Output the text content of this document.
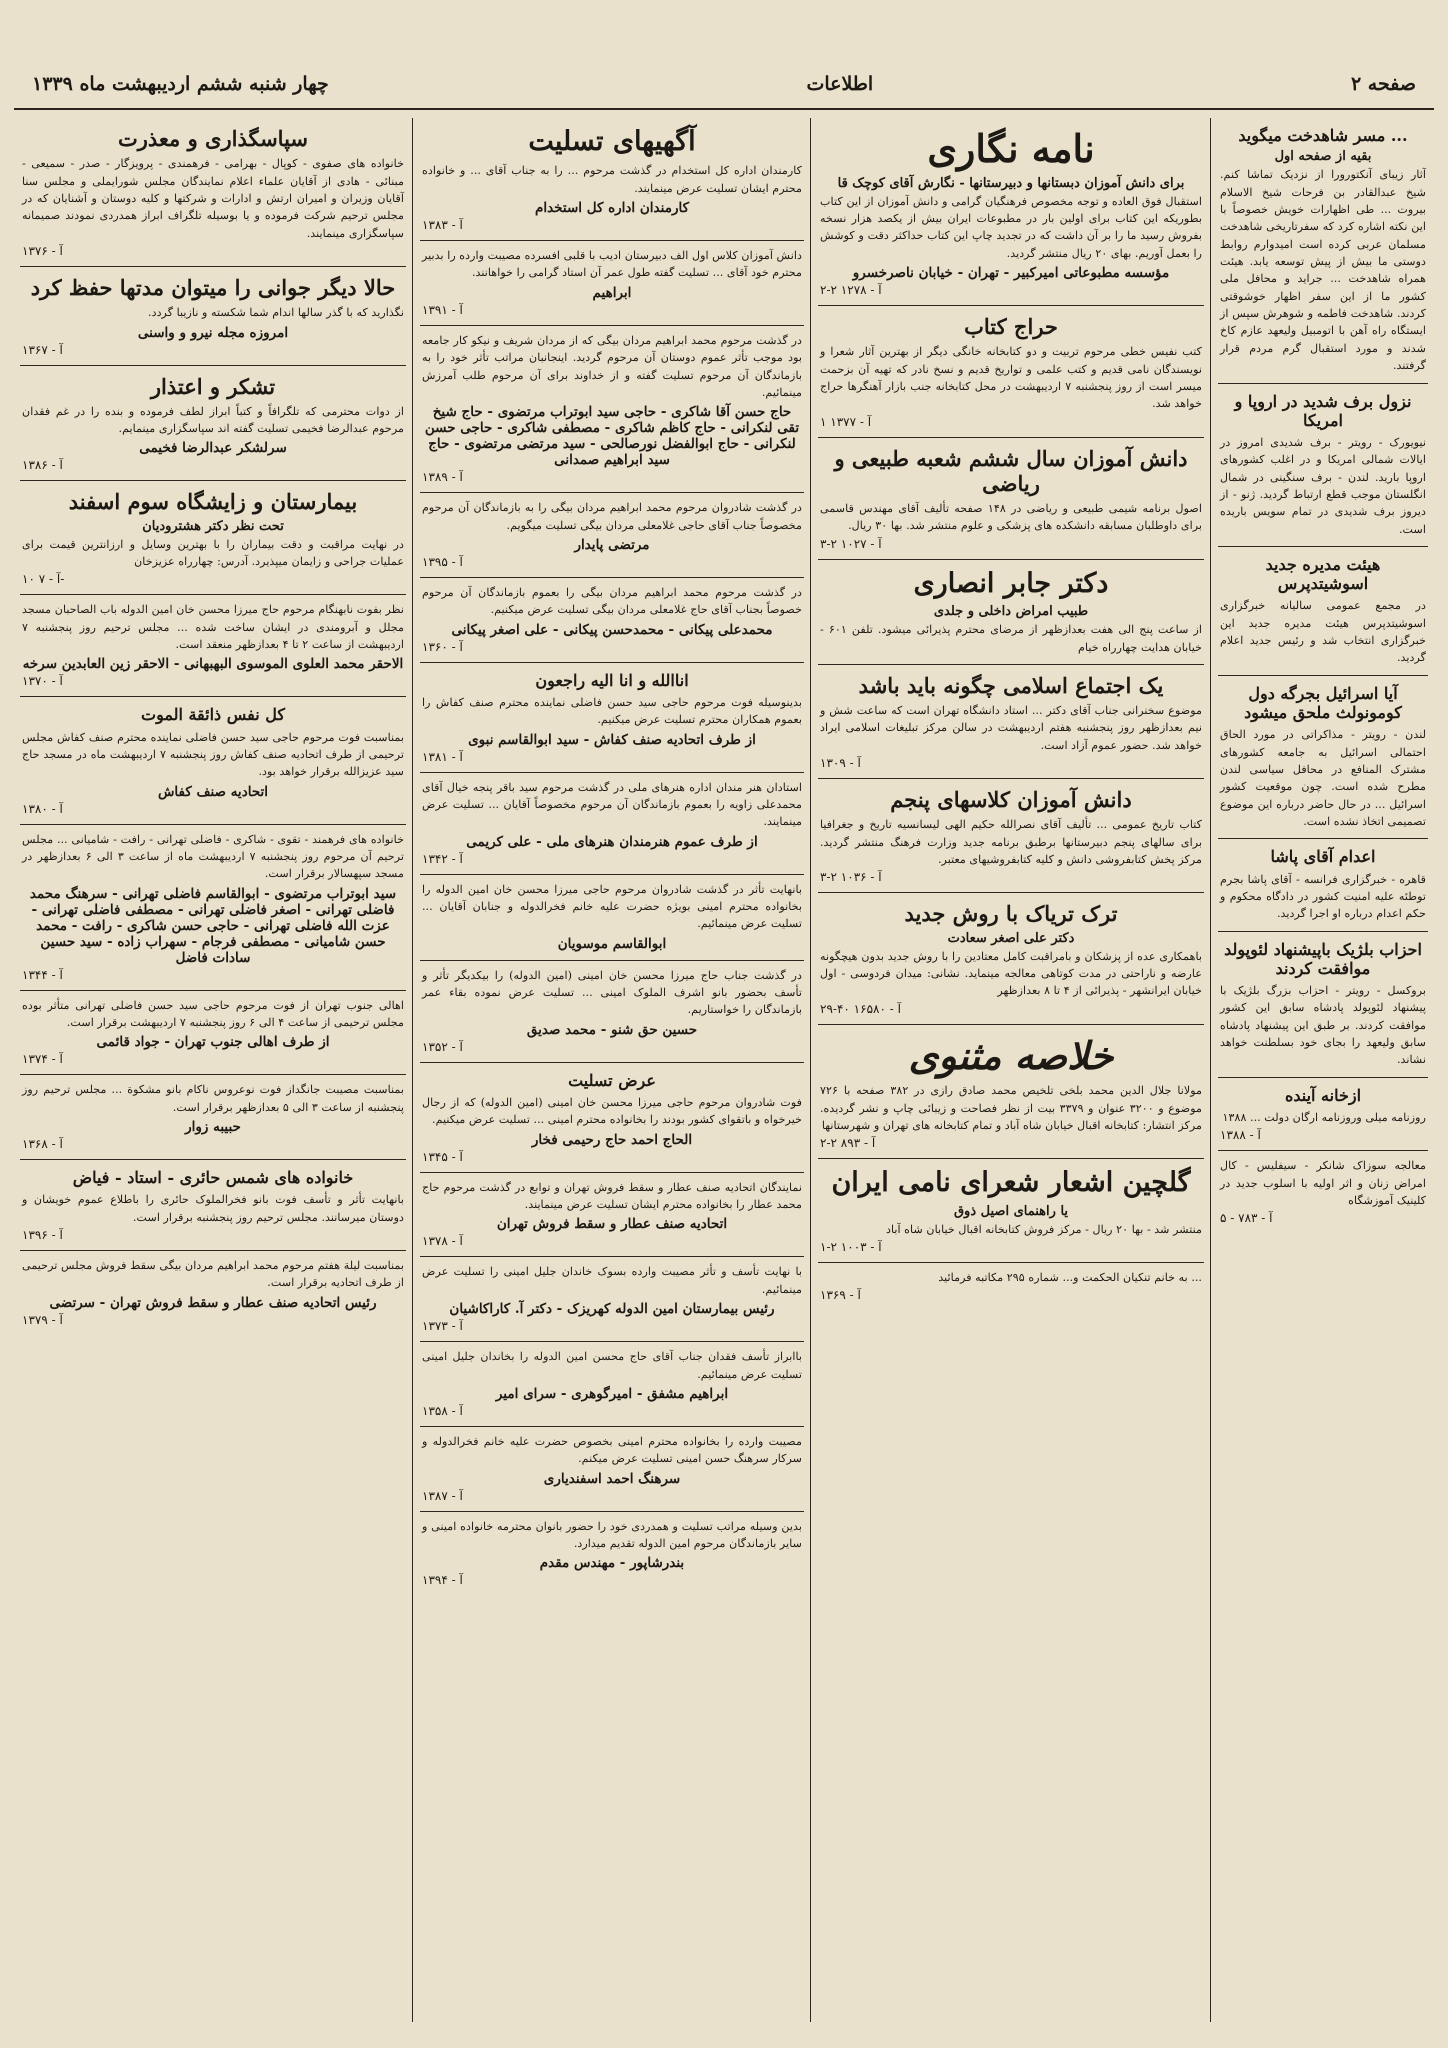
صفحه ۲
اطلاعات
چهار شنبه ششم اردیبهشت ماه ۱۳۳۹
... مسر شاهدخت میگوید
بقیه از صفحه اول
آثار زیبای آنکتورورا از نزدیک تماشا کنم. شیخ عبدالقادر بن فرحات شیخ الاسلام بیروت ... طی اظهارات خویش خصوصاً با این نکته اشاره کرد که سفرتاریخی شاهدخت مسلمان عربی کرده است امیدوارم روابط دوستی ما بیش از پیش توسعه یابد. هیئت همراه شاهدخت ... جراید و محافل ملی کشور ما از این سفر اظهار خوشوقتی کردند. شاهدخت فاطمه و شوهرش سپس از ایستگاه راه آهن با اتومبیل ولیعهد عازم کاخ شدند و مورد استقبال گرم مردم قرار گرفتند.
نزول برف شدید در اروپا و امریکا
نیویورک - رویتر - برف شدیدی امروز در ایالات شمالی امریکا و در اغلب کشورهای اروپا بارید. لندن - برف سنگینی در شمال انگلستان موجب قطع ارتباط گردید. ژنو - از دیروز برف شدیدی در تمام سویس باریده است.
هیئت مدیره جدید اسوشیتدپرس
در مجمع عمومی سالیانه خبرگزاری اسوشیتدپرس هیئت مدیره جدید این خبرگزاری انتخاب شد و رئیس جدید اعلام گردید.
آیا اسرائیل بجرگه دول کومونولث ملحق میشود
لندن - رویتر - مذاکراتی در مورد الحاق احتمالی اسرائیل به جامعه کشورهای مشترک المنافع در محافل سیاسی لندن مطرح شده است. چون موقعیت کشور اسرائیل ... در حال حاضر درباره این موضوع تصمیمی اتخاذ نشده است.
اعدام آقای پاشا
قاهره - خبرگزاری فرانسه - آقای پاشا بجرم توطئه علیه امنیت کشور در دادگاه محکوم و حکم اعدام درباره او اجرا گردید.
احزاب بلژیک باپیشنهاد لئوپولد موافقت کردند
بروکسل - رویتر - احزاب بزرگ بلژیک با پیشنهاد لئوپولد پادشاه سابق این کشور موافقت کردند. بر طبق این پیشنهاد پادشاه سابق ولیعهد را بجای خود بسلطنت خواهد نشاند.
ازخانه آینده
روزنامه میلی وروزنامه ارگان دولت ... ۱۳۸۸
آ - ۱۳۸۸
معالجه سوزاک شانکر - سیفلیس - کال امراض زنان و اثر اولیه با اسلوب جدید در کلینیک آموزشگاه
آ - ۷۸۳ - ۵
نامه نگاری
برای دانش آموزان دبستانها و دبیرستانها - نگارش آقای کوچک قا
استقبال فوق العاده و توجه مخصوص فرهنگیان گرامی و دانش آموزان از این کتاب بطوریکه این کتاب برای اولین بار در مطبوعات ایران بیش از یکصد هزار نسخه بفروش رسید ما را بر آن داشت که در تجدید چاپ این کتاب حداکثر دقت و کوشش را بعمل آوریم. بهای ۲۰ ریال منتشر گردید.
مؤسسه مطبوعاتی امیرکبیر - تهران - خیابان ناصرخسرو
آ - ۱۲۷۸ ۲-۲
حراج کتاب
کتب نفیس خطی مرحوم تربیت و دو کتابخانه خانگی دیگر از بهترین آثار شعرا و نویسندگان نامی قدیم و کتب علمی و تواریخ قدیم و نسخ نادر که تهیه آن بزحمت میسر است از روز پنجشنبه ۷ اردیبهشت در محل کتابخانه جنب بازار آهنگرها حراج خواهد شد.
آ - ۱۳۷۷ ۱
دانش آموزان سال ششم شعبه طبیعی و ریاضی
اصول برنامه شیمی طبیعی و ریاضی در ۱۴۸ صفحه تألیف آقای مهندس قاسمی برای داوطلبان مسابقه دانشکده های پزشکی و علوم منتشر شد. بها ۳۰ ریال.
آ - ۱۰۲۷ ۲-۳
دکتر جابر انصاری
طبیب امراض داخلی و جلدی
از ساعت پنج الی هفت بعدازظهر از مرضای محترم پذیرائی میشود. تلفن ۶۰۱ - خیابان هدایت چهارراه خیام
یک اجتماع اسلامی چگونه باید باشد
موضوع سخنرانی جناب آقای دکتر ... استاد دانشگاه تهران است که ساعت شش و نیم بعدازظهر روز پنجشنبه هفتم اردیبهشت در سالن مرکز تبلیغات اسلامی ایراد خواهد شد. حضور عموم آزاد است.
آ - ۱۳۰۹
دانش آموزان کلاسهای پنجم
کتاب تاریخ عمومی ... تألیف آقای نصرالله حکیم الهی لیسانسیه تاریخ و جغرافیا برای سالهای پنجم دبیرستانها برطبق برنامه جدید وزارت فرهنگ منتشر گردید. مرکز پخش کتابفروشی دانش و کلیه کتابفروشیهای معتبر.
آ - ۱۰۳۶ ۲-۳
ترک تریاک با روش جدید
دکتر علی اصغر سعادت
باهمکاری عده از پزشکان و بامراقبت کامل معتادین را با روش جدید بدون هیچگونه عارضه و ناراحتی در مدت کوتاهی معالجه مینماید. نشانی: میدان فردوسی - اول خیابان ایرانشهر - پذیرائی از ۴ تا ۸ بعدازظهر
آ - ۱۶۵۸۰ ۴۰-۲۹
خلاصه مثنوی
مولانا جلال الدین محمد بلخی تلخیص محمد صادق رازی در ۳۸۲ صفحه با ۷۲۶ موضوع و ۳۲۰۰ عنوان و ۳۳۷۹ بیت از نظر فصاحت و زیبائی چاپ و نشر گردیده. مرکز انتشار: کتابخانه اقبال خیابان شاه آباد و تمام کتابخانه های تهران و شهرستانها
آ - ۸۹۳ ۲-۲
گلچین اشعار شعرای نامی ایران
یا راهنمای اصیل ذوق
منتشر شد - بها ۲۰ ریال - مرکز فروش کتابخانه اقبال خیابان شاه آباد
آ - ۱۰۰۳ ۲-۱
... به خانم تنکیان الحکمت و... شماره ۲۹۵ مکاتبه فرمائید
آ - ۱۳۶۹
آگهیهای تسلیت
کارمندان اداره کل استخدام در گذشت مرحوم ... را به جناب آقای ... و خانواده محترم ایشان تسلیت عرض مینمایند.
کارمندان اداره کل استخدام
آ - ۱۳۸۳
دانش آموزان کلاس اول الف دبیرستان ادیب با قلبی افسرده مصیبت وارده را بدبیر محترم خود آقای ... تسلیت گفته طول عمر آن استاد گرامی را خواهانند.
ابراهیم
آ - ۱۳۹۱
در گذشت مرحوم محمد ابراهیم مردان بیگی که از مردان شریف و نیکو کار جامعه بود موجب تأثر عموم دوستان آن مرحوم گردید. اینجانبان مراتب تأثر خود را به بازماندگان آن مرحوم تسلیت گفته و از خداوند برای آن مرحوم طلب آمرزش مینمائیم.
حاج حسن آقا شاکری - حاجی سید ابوتراب مرتضوی - حاج شیخ تقی لنکرانی - حاج کاظم شاکری - مصطفی شاکری - حاجی حسن لنکرانی - حاج ابوالفضل نورصالحی - سید مرتضی مرتضوی - حاج سید ابراهیم صمدانی
آ - ۱۳۸۹
در گذشت شادروان مرحوم محمد ابراهیم مردان بیگی را به بازماندگان آن مرحوم مخصوصاً جناب آقای حاجی غلامعلی مردان بیگی تسلیت میگویم.
مرتضی پایدار
آ - ۱۳۹۵
در گذشت مرحوم محمد ابراهیم مردان بیگی را بعموم بازماندگان آن مرحوم خصوصاً بجناب آقای حاج غلامعلی مردان بیگی تسلیت عرض میکنیم.
محمدعلی پیکانی - محمدحسن پیکانی - علی اصغر پیکانی
آ - ۱۳۶۰
اناالله و انا الیه راجعون
بدینوسیله فوت مرحوم حاجی سید حسن فاضلی نماینده محترم صنف کفاش را بعموم همکاران محترم تسلیت عرض میکنیم.
از طرف اتحادیه صنف کفاش - سید ابوالقاسم نبوی
آ - ۱۳۸۱
استادان هنر مندان اداره هنرهای ملی در گذشت مرحوم سید باقر پنجه خیال آقای محمدعلی زاویه را بعموم بازماندگان آن مرحوم مخصوصاً آقایان ... تسلیت عرض مینمایند.
از طرف عموم هنرمندان هنرهای ملی - علی کریمی
آ - ۱۳۴۲
بانهایت تأثر در گذشت شادروان مرحوم حاجی میرزا محسن خان امین الدوله را بخانواده محترم امینی بویژه حضرت علیه خانم فخرالدوله و جنابان آقایان ... تسلیت عرض مینمائیم.
ابوالقاسم موسویان
در گذشت جناب حاج میرزا محسن خان امینی (امین الدوله) را بیکدیگر تأثر و تأسف بحضور بانو اشرف الملوک امینی ... تسلیت عرض نموده بقاء عمر بازماندگان را خواستاریم.
حسین حق شنو - محمد صدیق
آ - ۱۳۵۲
عرض تسلیت
فوت شادروان مرحوم حاجی میرزا محسن خان امینی (امین الدوله) که از رجال خیرخواه و باتقوای کشور بودند را بخانواده محترم امینی ... تسلیت عرض میکنیم.
الحاج احمد حاج رحیمی فخار
آ - ۱۳۴۵
نمایندگان اتحادیه صنف عطار و سقط فروش تهران و توابع در گذشت مرحوم حاج محمد عطار را بخانواده محترم ایشان تسلیت عرض مینمایند.
اتحادیه صنف عطار و سقط فروش تهران
آ - ۱۳۷۸
با نهایت تأسف و تأثر مصیبت وارده بسوک خاندان جلیل امینی را تسلیت عرض مینمائیم.
رئیس بیمارستان امین الدوله کهریزک - دکتر آ. کاراکاشیان
آ - ۱۳۷۳
باابراز تأسف فقدان جناب آقای حاج محسن امین الدوله را بخاندان جلیل امینی تسلیت عرض مینمائیم.
ابراهیم مشفق - امیرگوهری - سرای امیر
آ - ۱۳۵۸
مصیبت وارده را بخانواده محترم امینی بخصوص حضرت علیه خانم فخرالدوله و سرکار سرهنگ حسن امینی تسلیت عرض میکنم.
سرهنگ احمد اسفندیاری
آ - ۱۳۸۷
بدین وسیله مراتب تسلیت و همدردی خود را حضور بانوان محترمه خانواده امینی و سایر بازماندگان مرحوم امین الدوله تقدیم میدارد.
بندرشاپور - مهندس مقدم
آ - ۱۳۹۴
سپاسگذاری و معذرت
خانواده های صفوی - کوپال - بهرامی - فرهمندی - پرویزگار - صدر - سمیعی - مبنائی - هادی از آقایان علماء اعلام نمایندگان مجلس شورایملی و مجلس سنا آقایان وزیران و امیران ارتش و ادارات و شرکتها و کلیه دوستان و آشنایان که در مجلس ترحیم شرکت فرموده و یا بوسیله تلگراف ابراز همدردی نمودند صمیمانه سپاسگزاری مینمایند.
آ - ۱۳۷۶
حالا دیگر جوانی را میتوان مدتها حفظ کرد
نگذارید که با گذر سالها اندام شما شکسته و نازیبا گردد.
امروزه مجله نیرو و واسنی
آ - ۱۳۶۷
تشکر و اعتذار
از دوات محترمی که تلگرافاً و کتباً ابراز لطف فرموده و بنده را در غم فقدان مرحوم عبدالرضا فخیمی تسلیت گفته اند سپاسگزاری مینمایم.
سرلشکر عبدالرضا فخیمی
آ - ۱۳۸۶
بیمارستان و زایشگاه سوم اسفند
تحت نظر دکتر هشترودیان
در نهایت مراقبت و دقت بیماران را با بهترین وسایل و ارزانترین قیمت برای عملیات جراحی و زایمان میپذیرد. آدرس: چهارراه عزیزخان
آ - ۷ ۱۰-
نظر بفوت نابهنگام مرحوم حاج میرزا محسن خان امین الدوله باب الصاحبان مسجد مجلل و آبرومندی در ایشان ساخت شده ... مجلس ترحیم روز پنجشنبه ۷ اردیبهشت از ساعت ۲ تا ۴ بعدازظهر منعقد است.
الاحقر محمد العلوی الموسوی البهبهانی - الاحقر زین العابدین سرخه
آ - ۱۳۷۰
کل نفس ذائقة الموت
بمناسبت فوت مرحوم حاجی سید حسن فاضلی نماینده محترم صنف کفاش مجلس ترحیمی از طرف اتحادیه صنف کفاش روز پنجشنبه ۷ اردیبهشت ماه در مسجد حاج سید عزیزالله برقرار خواهد بود.
اتحادیه صنف کفاش
آ - ۱۳۸۰
خانواده های فرهمند - تقوی - شاکری - فاضلی تهرانی - رافت - شامیانی ... مجلس ترحیم آن مرحوم روز پنجشنبه ۷ اردیبهشت ماه از ساعت ۳ الی ۶ بعدازظهر در مسجد سپهسالار برقرار است.
سید ابوتراب مرتضوی - ابوالقاسم فاضلی تهرانی - سرهنگ محمد فاضلی تهرانی - اصغر فاضلی تهرانی - مصطفی فاضلی تهرانی - عزت الله فاضلی تهرانی - حاجی حسن شاکری - رافت - محمد حسن شامیانی - مصطفی فرجام - سهراب زاده - سید حسین سادات فاضل
آ - ۱۳۴۴
اهالی جنوب تهران از فوت مرحوم حاجی سید حسن فاضلی تهرانی متأثر بوده مجلس ترحیمی از ساعت ۴ الی ۶ روز پنجشنبه ۷ اردیبهشت برقرار است.
از طرف اهالی جنوب تهران - جواد قائمی
آ - ۱۳۷۴
بمناسبت مصیبت جانگداز فوت نوعروس ناکام بانو مشکوة ... مجلس ترحیم روز پنجشنبه از ساعت ۳ الی ۵ بعدازظهر برقرار است.
حبیبه زوار
آ - ۱۳۶۸
خانواده های شمس حائری - استاد - فیاض
بانهایت تأثر و تأسف فوت بانو فخرالملوک حائری را باطلاع عموم خویشان و دوستان میرسانند. مجلس ترحیم روز پنجشنبه برقرار است.
آ - ۱۳۹۶
بمناسبت لیلة هفتم مرحوم محمد ابراهیم مردان بیگی سقط فروش مجلس ترحیمی از طرف اتحادیه برقرار است.
رئیس اتحادیه صنف عطار و سقط فروش تهران - سرتضی
آ - ۱۳۷۹
